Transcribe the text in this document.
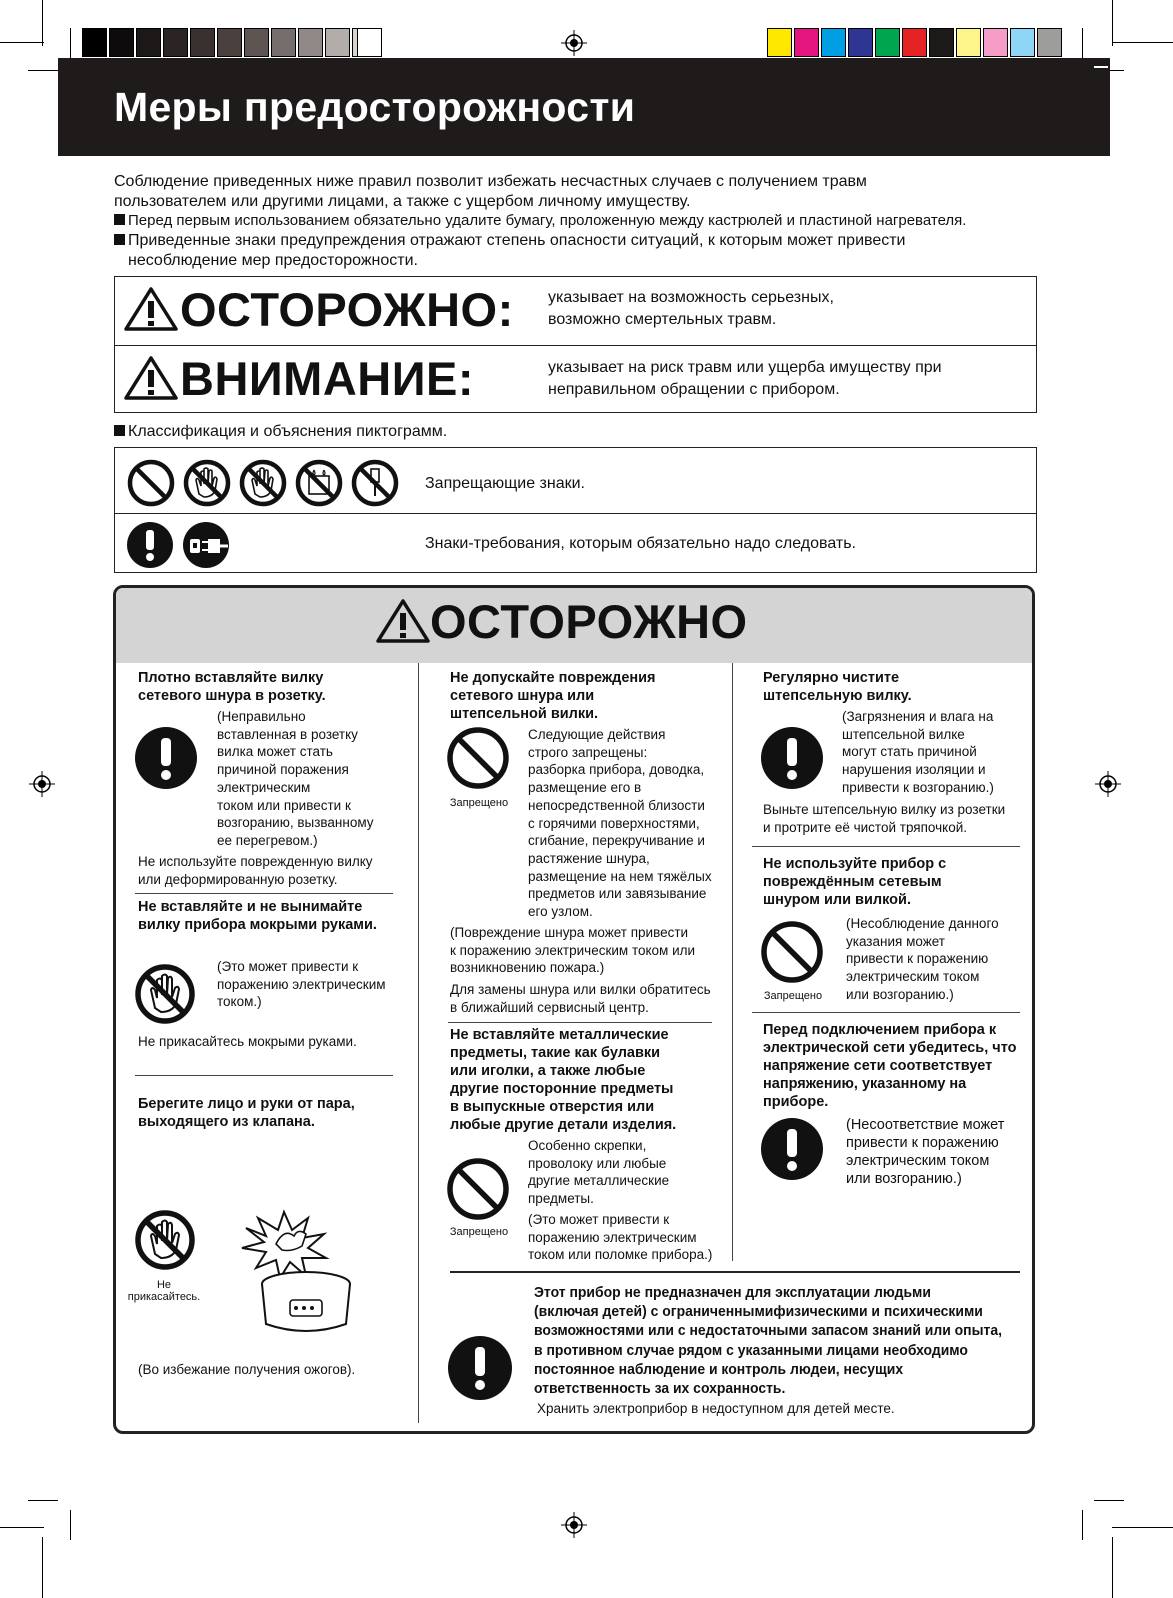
Меры предосторожности
Соблюдение приведенных ниже правил позволит избежать несчастных случаев с получением травм
пользователем или другими лицами, а также с ущербом личному имуществу.
Перед первым использованием обязательно удалите бумагу, проложенную между кастрюлей и пластиной нагревателя.
Приведенные знаки предупреждения отражают степень опасности ситуаций, к которым может привести
несоблюдение мер предосторожности.
ОСТОРОЖНО: указывает на возможность серьезных,
возможно смертельных травм.
ВНИМАНИЕ:	указывает на риск травм или ущерба имуществу при
неправильном обращении с прибором.
Классификация и объяснения пиктограмм.
Запрещающие знаки.
Знаки-требования, которым обязательно надо следовать.
ОСТОРОЖНО
Плотно вставляйте вилку
сетевого шнура в розетку.
(Неправильно
вставленная в розетку
вилка может стать
причиной поражения
электрическим
током или привести к
возгоранию, вызванному
ее перегревом.)
Не используйте поврежденную вилку
или деформированную розетку.
Не вставляйте и не вынимайте
вилку прибора мокрыми руками.
(Это может привести к
поражению электрическим
током.)
Не прикасайтесь мокрыми руками.
Берегите лицо и руки от пара,
выходящего из клапана.
Не
прикасайтесь.
(Во избежание получения ожогов).
Не допускайте повреждения
сетевого шнура или
штепсельной вилки.
Запрещено
Следующие действия
строго запрещены:
разборка прибора, доводка,
размещение его в
непосредственной близости
с горячими поверхностями,
сгибание, перекручивание и
растяжение шнура,
размещение на нем тяжёлых
предметов или завязывание
его узлом.
(Повреждение шнура может привести
к поражению электрическим током или
возникновению пожара.)
Для замены шнура или вилки обратитесь
в ближайший сервисный центр.
Не вставляйте металлические
предметы, такие как булавки
или иголки, а также любые
другие посторонние предметы
в выпускные отверстия или
любые другие детали изделия.
Запрещено
Особенно скрепки,
проволоку или любые
другие металлические
предметы.
(Это может привести к
поражению электрическим
током или поломке прибора.)
Регулярно чистите
штепсельную вилку.
(Загрязнения и влага на
штепсельной вилке
могут стать причиной
нарушения изоляции и
привести к возгоранию.)
Выньте штепсельную вилку из розетки
и протрите её чистой тряпочкой.
Не используйте прибор с
повреждённым сетевым
шнуром или вилкой.
Запрещено
(Несоблюдение данного
указания может
привести к поражению
электрическим током
или возгоранию.)
Перед подключением прибора к
электрической сети убедитесь, что
напряжение сети соответствует
напряжению, указанному на
приборе.
(Несоответствие может
привести к поражению
электрическим током
или возгоранию.)
Этот прибор не предназначен для эксплуатации людьми
(включая детей) с ограниченнымифизическими и психическими
возможностями или с недостаточными запасом знаний или опыта,
в противном случае рядом с указанными лицами необходимо
постоянное наблюдение и контроль людеи, несущих
ответственность за их сохранность.
Хранить электроприбор в недоступном для детей месте.
